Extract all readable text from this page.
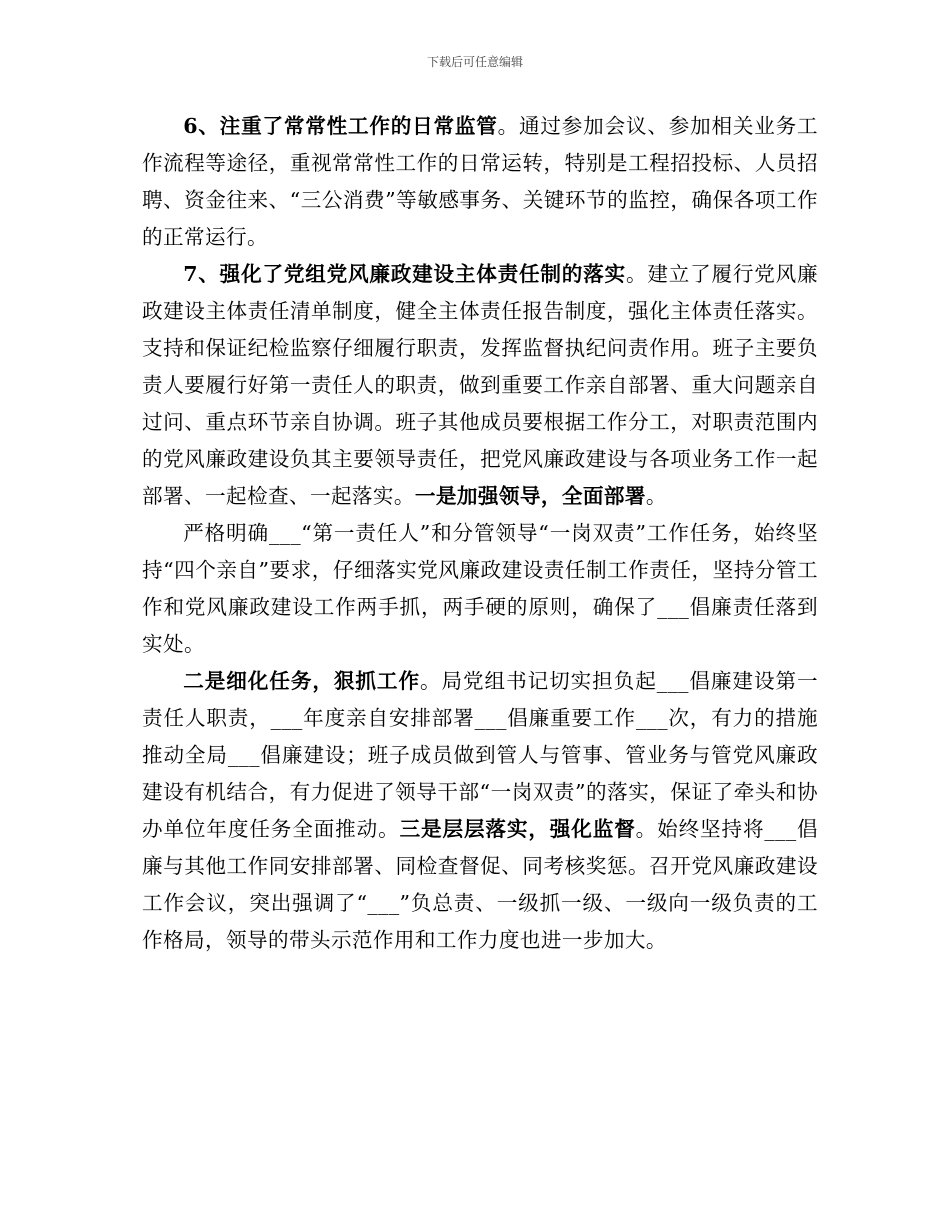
下载后可任意编辑

6、注重了常常性工作的日常监管。通过参加会议、参加相关业务工作流程等途径，重视常常性工作的日常运转，特别是工程招投标、人员招聘、资金往来、“三公消费”等敏感事务、关键环节的监控，确保各项工作的正常运行。

7、强化了党组党风廉政建设主体责任制的落实。建立了履行党风廉政建设主体责任清单制度，健全主体责任报告制度，强化主体责任落实。支持和保证纪检监察仔细履行职责，发挥监督执纪问责作用。班子主要负责人要履行好第一责任人的职责，做到重要工作亲自部署、重大问题亲自过问、重点环节亲自协调。班子其他成员要根据工作分工，对职责范围内的党风廉政建设负其主要领导责任，把党风廉政建设与各项业务工作一起部署、一起检查、一起落实。一是加强领导，全面部署。

严格明确___“第一责任人”和分管领导“一岗双责”工作任务，始终坚持“四个亲自”要求，仔细落实党风廉政建设责任制工作责任，坚持分管工作和党风廉政建设工作两手抓，两手硬的原则，确保了___倡廉责任落到实处。

二是细化任务，狠抓工作。局党组书记切实担负起___倡廉建设第一责任人职责，___年度亲自安排部署___倡廉重要工作___次，有力的措施推动全局___倡廉建设；班子成员做到管人与管事、管业务与管党风廉政建设有机结合，有力促进了领导干部“一岗双责”的落实，保证了牵头和协办单位年度任务全面推动。三是层层落实，强化监督。始终坚持将___倡廉与其他工作同安排部署、同检查督促、同考核奖惩。召开党风廉政建设工作会议，突出强调了“___”负总责、一级抓一级、一级向一级负责的工作格局，领导的带头示范作用和工作力度也进一步加大。
